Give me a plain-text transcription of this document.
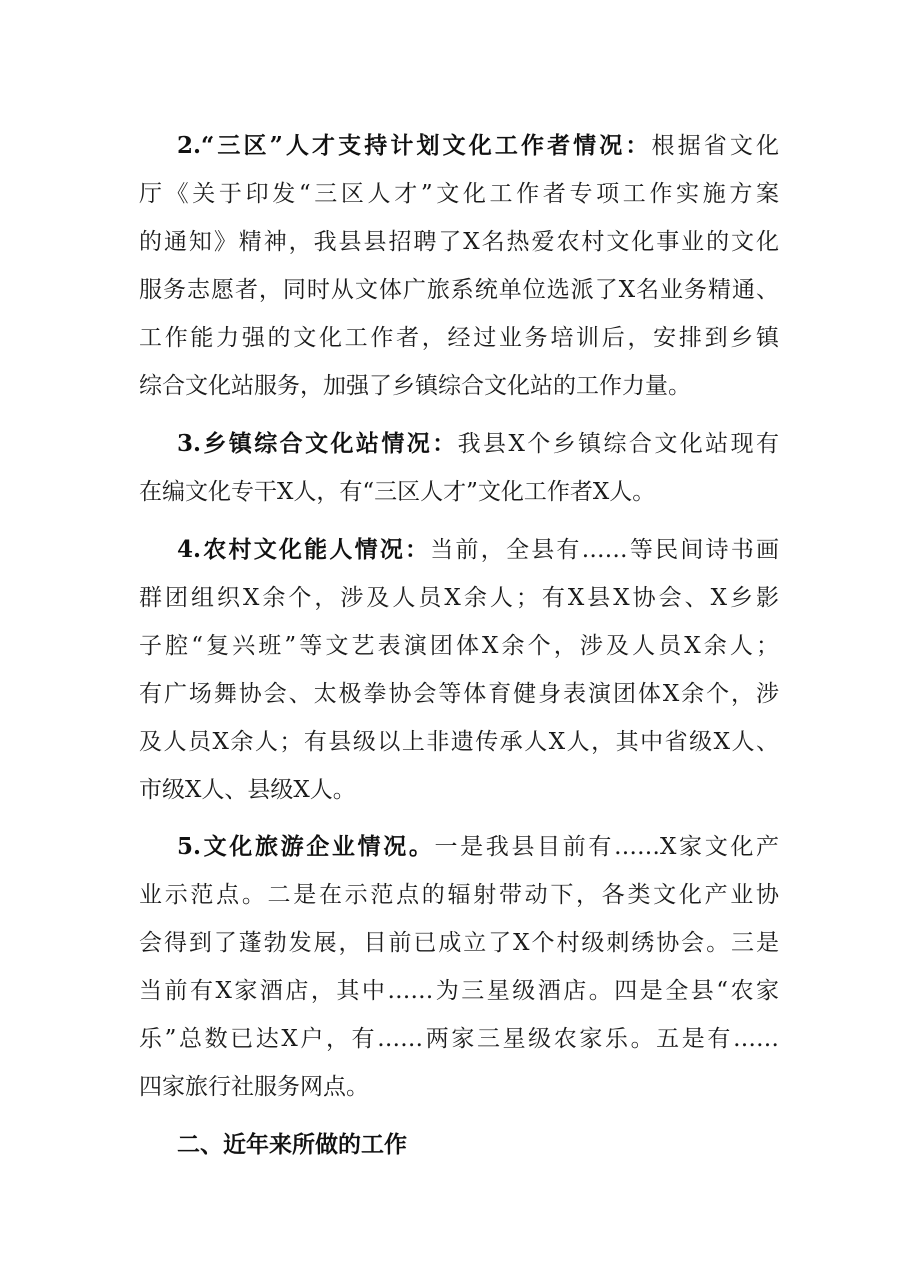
2.“三区”人才支持计划文化工作者情况：根据省文化

厅《关于印发“三区人才”文化工作者专项工作实施方案

的通知》精神，我县县招聘了X名热爱农村文化事业的文化

服务志愿者，同时从文体广旅系统单位选派了X名业务精通、

工作能力强的文化工作者，经过业务培训后，安排到乡镇

综合文化站服务，加强了乡镇综合文化站的工作力量。

3.乡镇综合文化站情况：我县X个乡镇综合文化站现有

在编文化专干X人，有“三区人才”文化工作者X人。

4.农村文化能人情况：当前，全县有……等民间诗书画

群团组织X余个，涉及人员X余人；有X县X协会、X乡影

子腔“复兴班”等文艺表演团体X余个，涉及人员X余人；

有广场舞协会、太极拳协会等体育健身表演团体X余个，涉

及人员X余人；有县级以上非遗传承人X人，其中省级X人、

市级X人、县级X人。

5.文化旅游企业情况。一是我县目前有……X家文化产

业示范点。二是在示范点的辐射带动下，各类文化产业协

会得到了蓬勃发展，目前已成立了X个村级刺绣协会。三是

当前有X家酒店，其中……为三星级酒店。四是全县“农家

乐”总数已达X户，有……两家三星级农家乐。五是有……

四家旅行社服务网点。

二、近年来所做的工作
